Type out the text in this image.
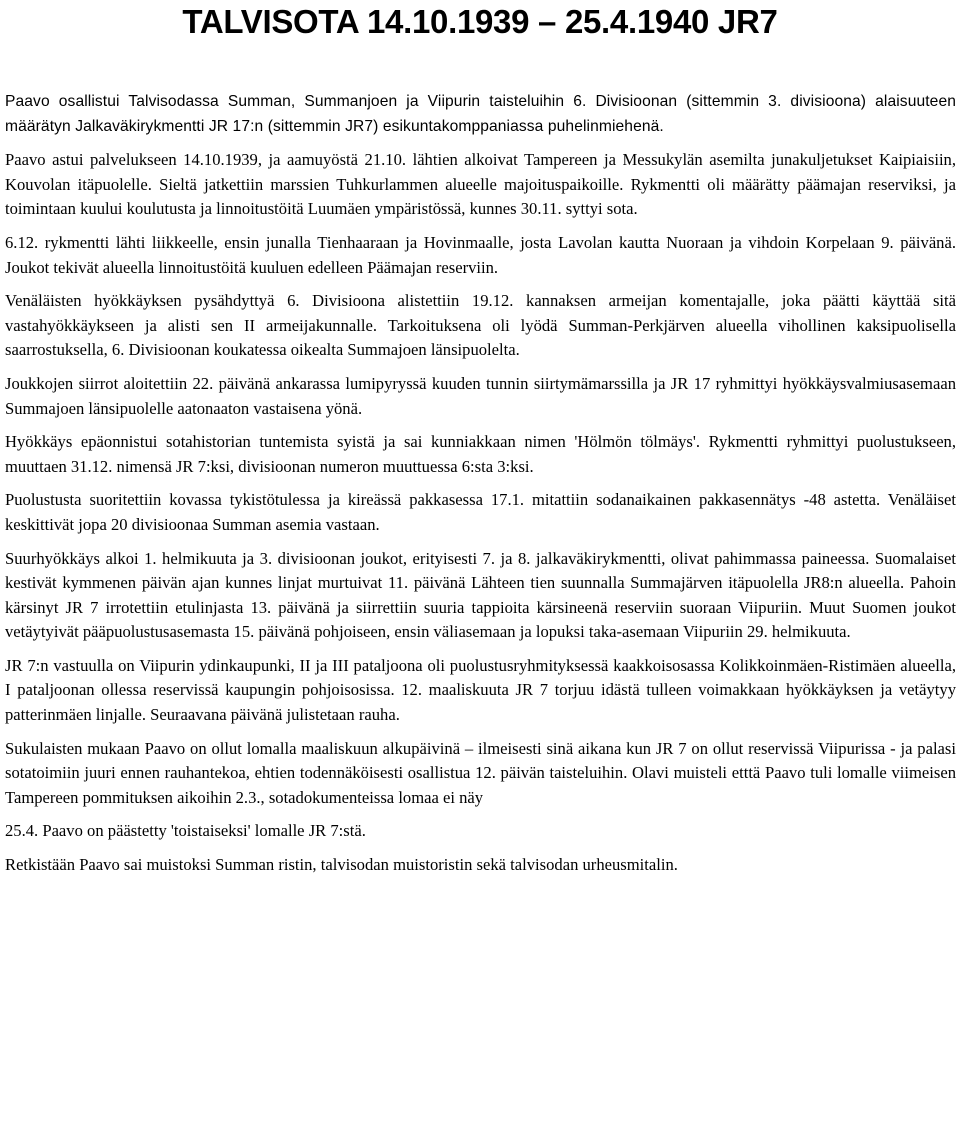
TALVISOTA 14.10.1939 – 25.4.1940 JR7

Paavo osallistui Talvisodassa Summan, Summanjoen ja Viipurin taisteluihin 6. Divisioonan (sittemmin 3. divisioona) alaisuuteen määrätyn Jalkaväkirykmentti JR 17:n (sittemmin JR7) esikuntakomppaniassa puhelinmiehenä.

Paavo astui palvelukseen 14.10.1939, ja aamuyöstä 21.10. lähtien alkoivat Tampereen ja Messukylän asemilta junakuljetukset Kaipiaisiin, Kouvolan itäpuolelle. Sieltä jatkettiin marssien Tuhkurlammen alueelle majoituspaikoille. Rykmentti oli määrätty päämajan reserviksi, ja toimintaan kuului koulutusta ja linnoitustöitä Luumäen ympäristössä, kunnes 30.11. syttyi sota.

6.12. rykmentti lähti liikkeelle, ensin junalla Tienhaaraan ja Hovinmaalle, josta Lavolan kautta Nuoraan ja vihdoin Korpelaan 9. päivänä. Joukot tekivät alueella linnoitustöitä kuuluen edelleen Päämajan reserviin.

Venäläisten hyökkäyksen pysähdyttyä 6. Divisioona alistettiin 19.12. kannaksen armeijan komentajalle, joka päätti käyttää sitä vastahyökkäykseen ja alisti sen II armeijakunnalle. Tarkoituksena oli lyödä Summan-Perkjärven alueella vihollinen kaksipuolisella saarrostuksella, 6. Divisioonan koukatessa oikealta Summajoen länsipuolelta.

Joukkojen siirrot aloitettiin 22. päivänä ankarassa lumipyryssä kuuden tunnin siirtymämarssilla ja JR 17 ryhmittyi hyökkäysvalmiusasemaan Summajoen länsipuolelle aatonaaton vastaisena yönä.

Hyökkäys epäonnistui sotahistorian tuntemista syistä ja sai kunniakkaan nimen 'Hölmön tölmäys'. Rykmentti ryhmittyi puolustukseen, muuttaen 31.12. nimensä JR 7:ksi, divisioonan numeron muuttuessa 6:sta 3:ksi.

Puolustusta suoritettiin kovassa tykistötulessa ja kireässä pakkasessa 17.1. mitattiin sodanaikainen pakkasennätys -48 astetta. Venäläiset keskittivät jopa 20 divisioonaa Summan asemia vastaan.

Suurhyökkäys alkoi 1. helmikuuta ja 3. divisioonan joukot, erityisesti 7. ja 8. jalkaväkirykmentti, olivat pahimmassa paineessa. Suomalaiset kestivät kymmenen päivän ajan kunnes linjat murtuivat 11. päivänä Lähteen tien suunnalla Summajärven itäpuolella JR8:n alueella. Pahoin kärsinyt JR 7 irrotettiin etulinjasta 13. päivänä ja siirrettiin suuria tappioita kärsineenä reserviin suoraan Viipuriin. Muut Suomen joukot vetäytyivät pääpuolustusasemasta 15. päivänä pohjoiseen, ensin väliasemaan ja lopuksi taka-asemaan Viipuriin 29. helmikuuta.

JR 7:n vastuulla on Viipurin ydinkaupunki, II ja III pataljoona oli puolustusryhmityksessä kaakkoisosassa Kolikkoinmäen-Ristimäen alueella, I pataljoonan ollessa reservissä kaupungin pohjoisosissa. 12. maaliskuuta JR 7 torjuu idästä tulleen voimakkaan hyökkäyksen ja vetäytyy patterinmäen linjalle. Seuraavana päivänä julistetaan rauha.

Sukulaisten mukaan Paavo on ollut lomalla maaliskuun alkupäivinä – ilmeisesti sinä aikana kun JR 7 on ollut reservissä Viipurissa - ja palasi sotatoimiin juuri ennen rauhantekoa, ehtien todennäköisesti osallistua 12. päivän taisteluihin. Olavi muisteli etttä Paavo tuli lomalle viimeisen Tampereen pommituksen aikoihin 2.3., sotadokumenteissa lomaa ei näy

25.4. Paavo on päästetty 'toistaiseksi' lomalle JR 7:stä.

Retkistään Paavo sai muistoksi Summan ristin, talvisodan muistoristin sekä talvisodan urheusmitalin.
